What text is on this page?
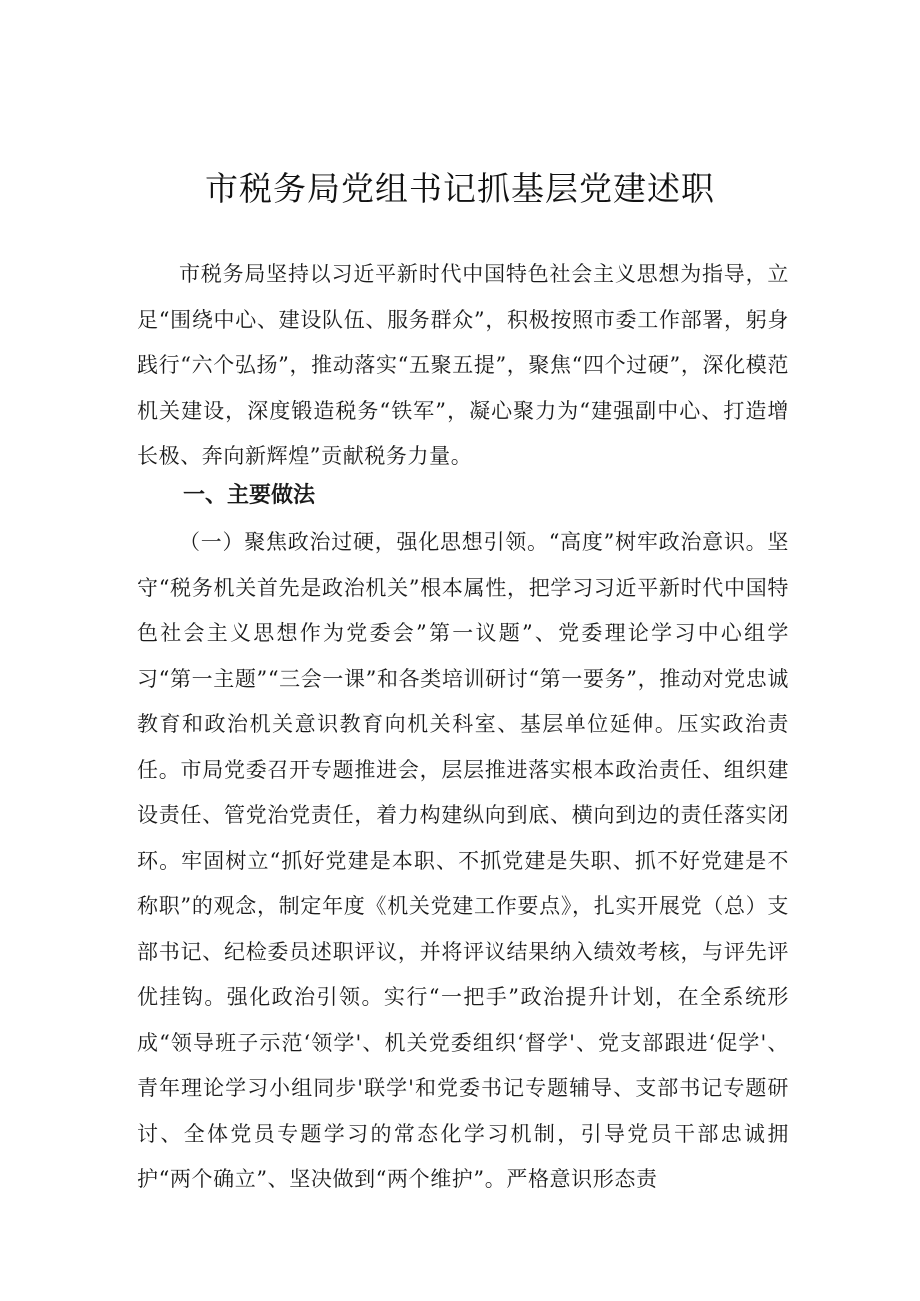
市税务局党组书记抓基层党建述职

市税务局坚持以习近平新时代中国特色社会主义思想为指导，立足“围绕中心、建设队伍、服务群众”，积极按照市委工作部署，躬身践行“六个弘扬”，推动落实“五聚五提”，聚焦“四个过硬”，深化模范机关建设，深度锻造税务“铁军”，凝心聚力为“建强副中心、打造增长极、奔向新辉煌”贡献税务力量。

一、主要做法

（一）聚焦政治过硬，强化思想引领。“高度”树牢政治意识。坚守“税务机关首先是政治机关”根本属性，把学习习近平新时代中国特色社会主义思想作为党委会”第一议题”、党委理论学习中心组学习“第一主题”“三会一课”和各类培训研讨“第一要务”，推动对党忠诚教育和政治机关意识教育向机关科室、基层单位延伸。压实政治责任。市局党委召开专题推进会，层层推进落实根本政治责任、组织建设责任、管党治党责任，着力构建纵向到底、横向到边的责任落实闭环。牢固树立“抓好党建是本职、不抓党建是失职、抓不好党建是不称职”的观念，制定年度《机关党建工作要点》，扎实开展党（总）支部书记、纪检委员述职评议，并将评议结果纳入绩效考核，与评先评优挂钩。强化政治引领。实行“一把手”政治提升计划，在全系统形成“领导班子示范‘领学'、机关党委组织‘督学'、党支部跟进‘促学'、青年理论学习小组同步'联学'和党委书记专题辅导、支部书记专题研讨、全体党员专题学习的常态化学习机制，引导党员干部忠诚拥护“两个确立”、坚决做到“两个维护”。严格意识形态责
